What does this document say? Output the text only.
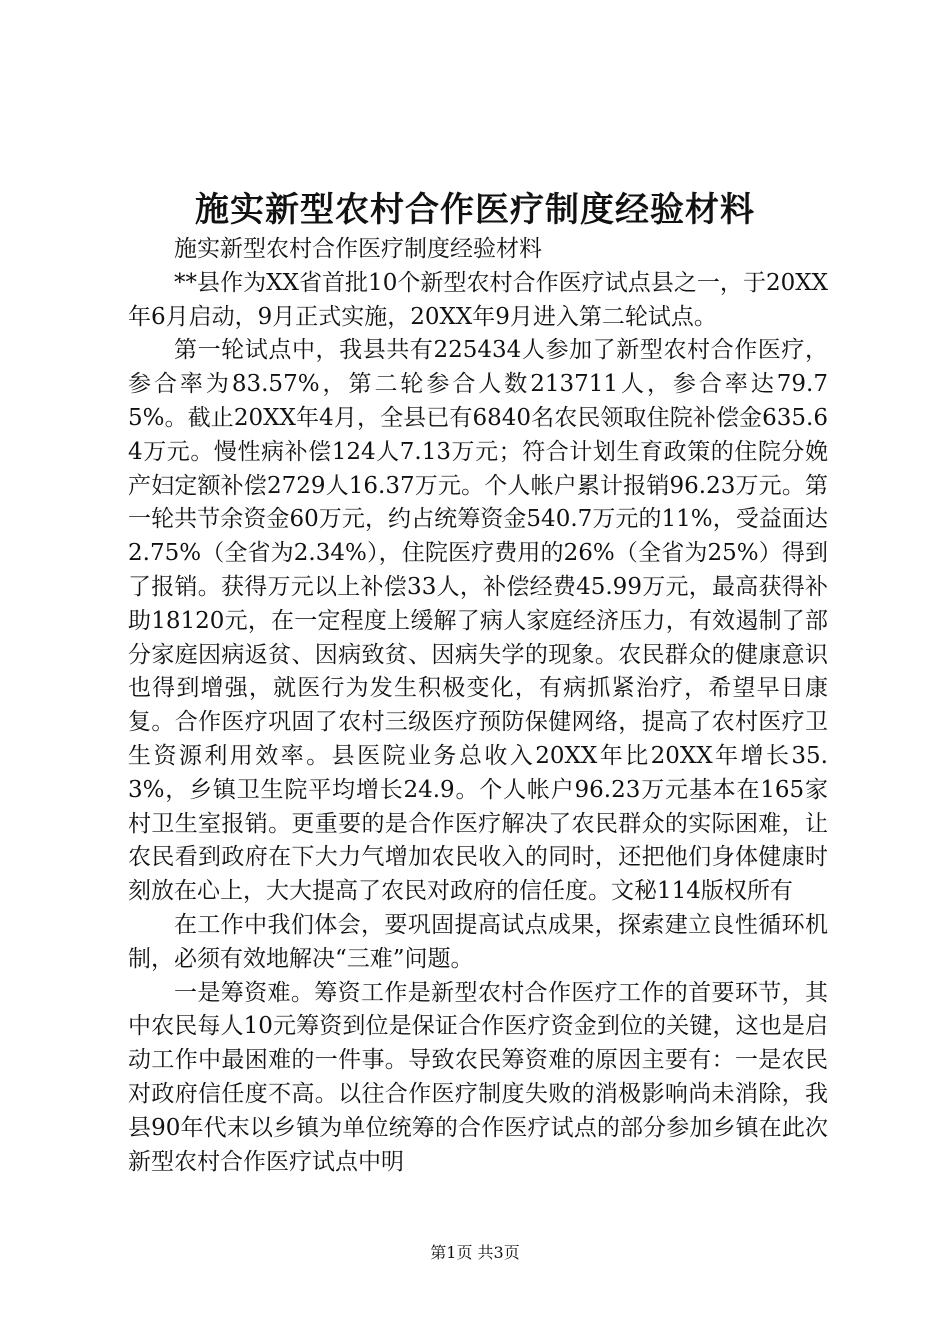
施实新型农村合作医疗制度经验材料

施实新型农村合作医疗制度经验材料

**县作为XX省首批10个新型农村合作医疗试点县之一，于20XX年6月启动，9月正式实施，20XX年9月进入第二轮试点。

第一轮试点中，我县共有225434人参加了新型农村合作医疗，参合率为83.57%，第二轮参合人数213711人，参合率达79.75%。截止20XX年4月，全县已有6840名农民领取住院补偿金635.64万元。慢性病补偿124人7.13万元；符合计划生育政策的住院分娩产妇定额补偿2729人16.37万元。个人帐户累计报销96.23万元。第一轮共节余资金60万元，约占统筹资金540.7万元的11%，受益面达2.75%（全省为2.34%），住院医疗费用的26%（全省为25%）得到了报销。获得万元以上补偿33人，补偿经费45.99万元，最高获得补助18120元，在一定程度上缓解了病人家庭经济压力，有效遏制了部分家庭因病返贫、因病致贫、因病失学的现象。农民群众的健康意识也得到增强，就医行为发生积极变化，有病抓紧治疗，希望早日康复。合作医疗巩固了农村三级医疗预防保健网络，提高了农村医疗卫生资源利用效率。县医院业务总收入20XX年比20XX年增长35.3%，乡镇卫生院平均增长24.9。个人帐户96.23万元基本在165家村卫生室报销。更重要的是合作医疗解决了农民群众的实际困难，让农民看到政府在下大力气增加农民收入的同时，还把他们身体健康时刻放在心上，大大提高了农民对政府的信任度。文秘114版权所有

在工作中我们体会，要巩固提高试点成果，探索建立良性循环机制，必须有效地解决“三难”问题。

一是筹资难。筹资工作是新型农村合作医疗工作的首要环节，其中农民每人10元筹资到位是保证合作医疗资金到位的关键，这也是启动工作中最困难的一件事。导致农民筹资难的原因主要有：一是农民对政府信任度不高。以往合作医疗制度失败的消极影响尚未消除，我县90年代末以乡镇为单位统筹的合作医疗试点的部分参加乡镇在此次新型农村合作医疗试点中明

第1页 共3页
